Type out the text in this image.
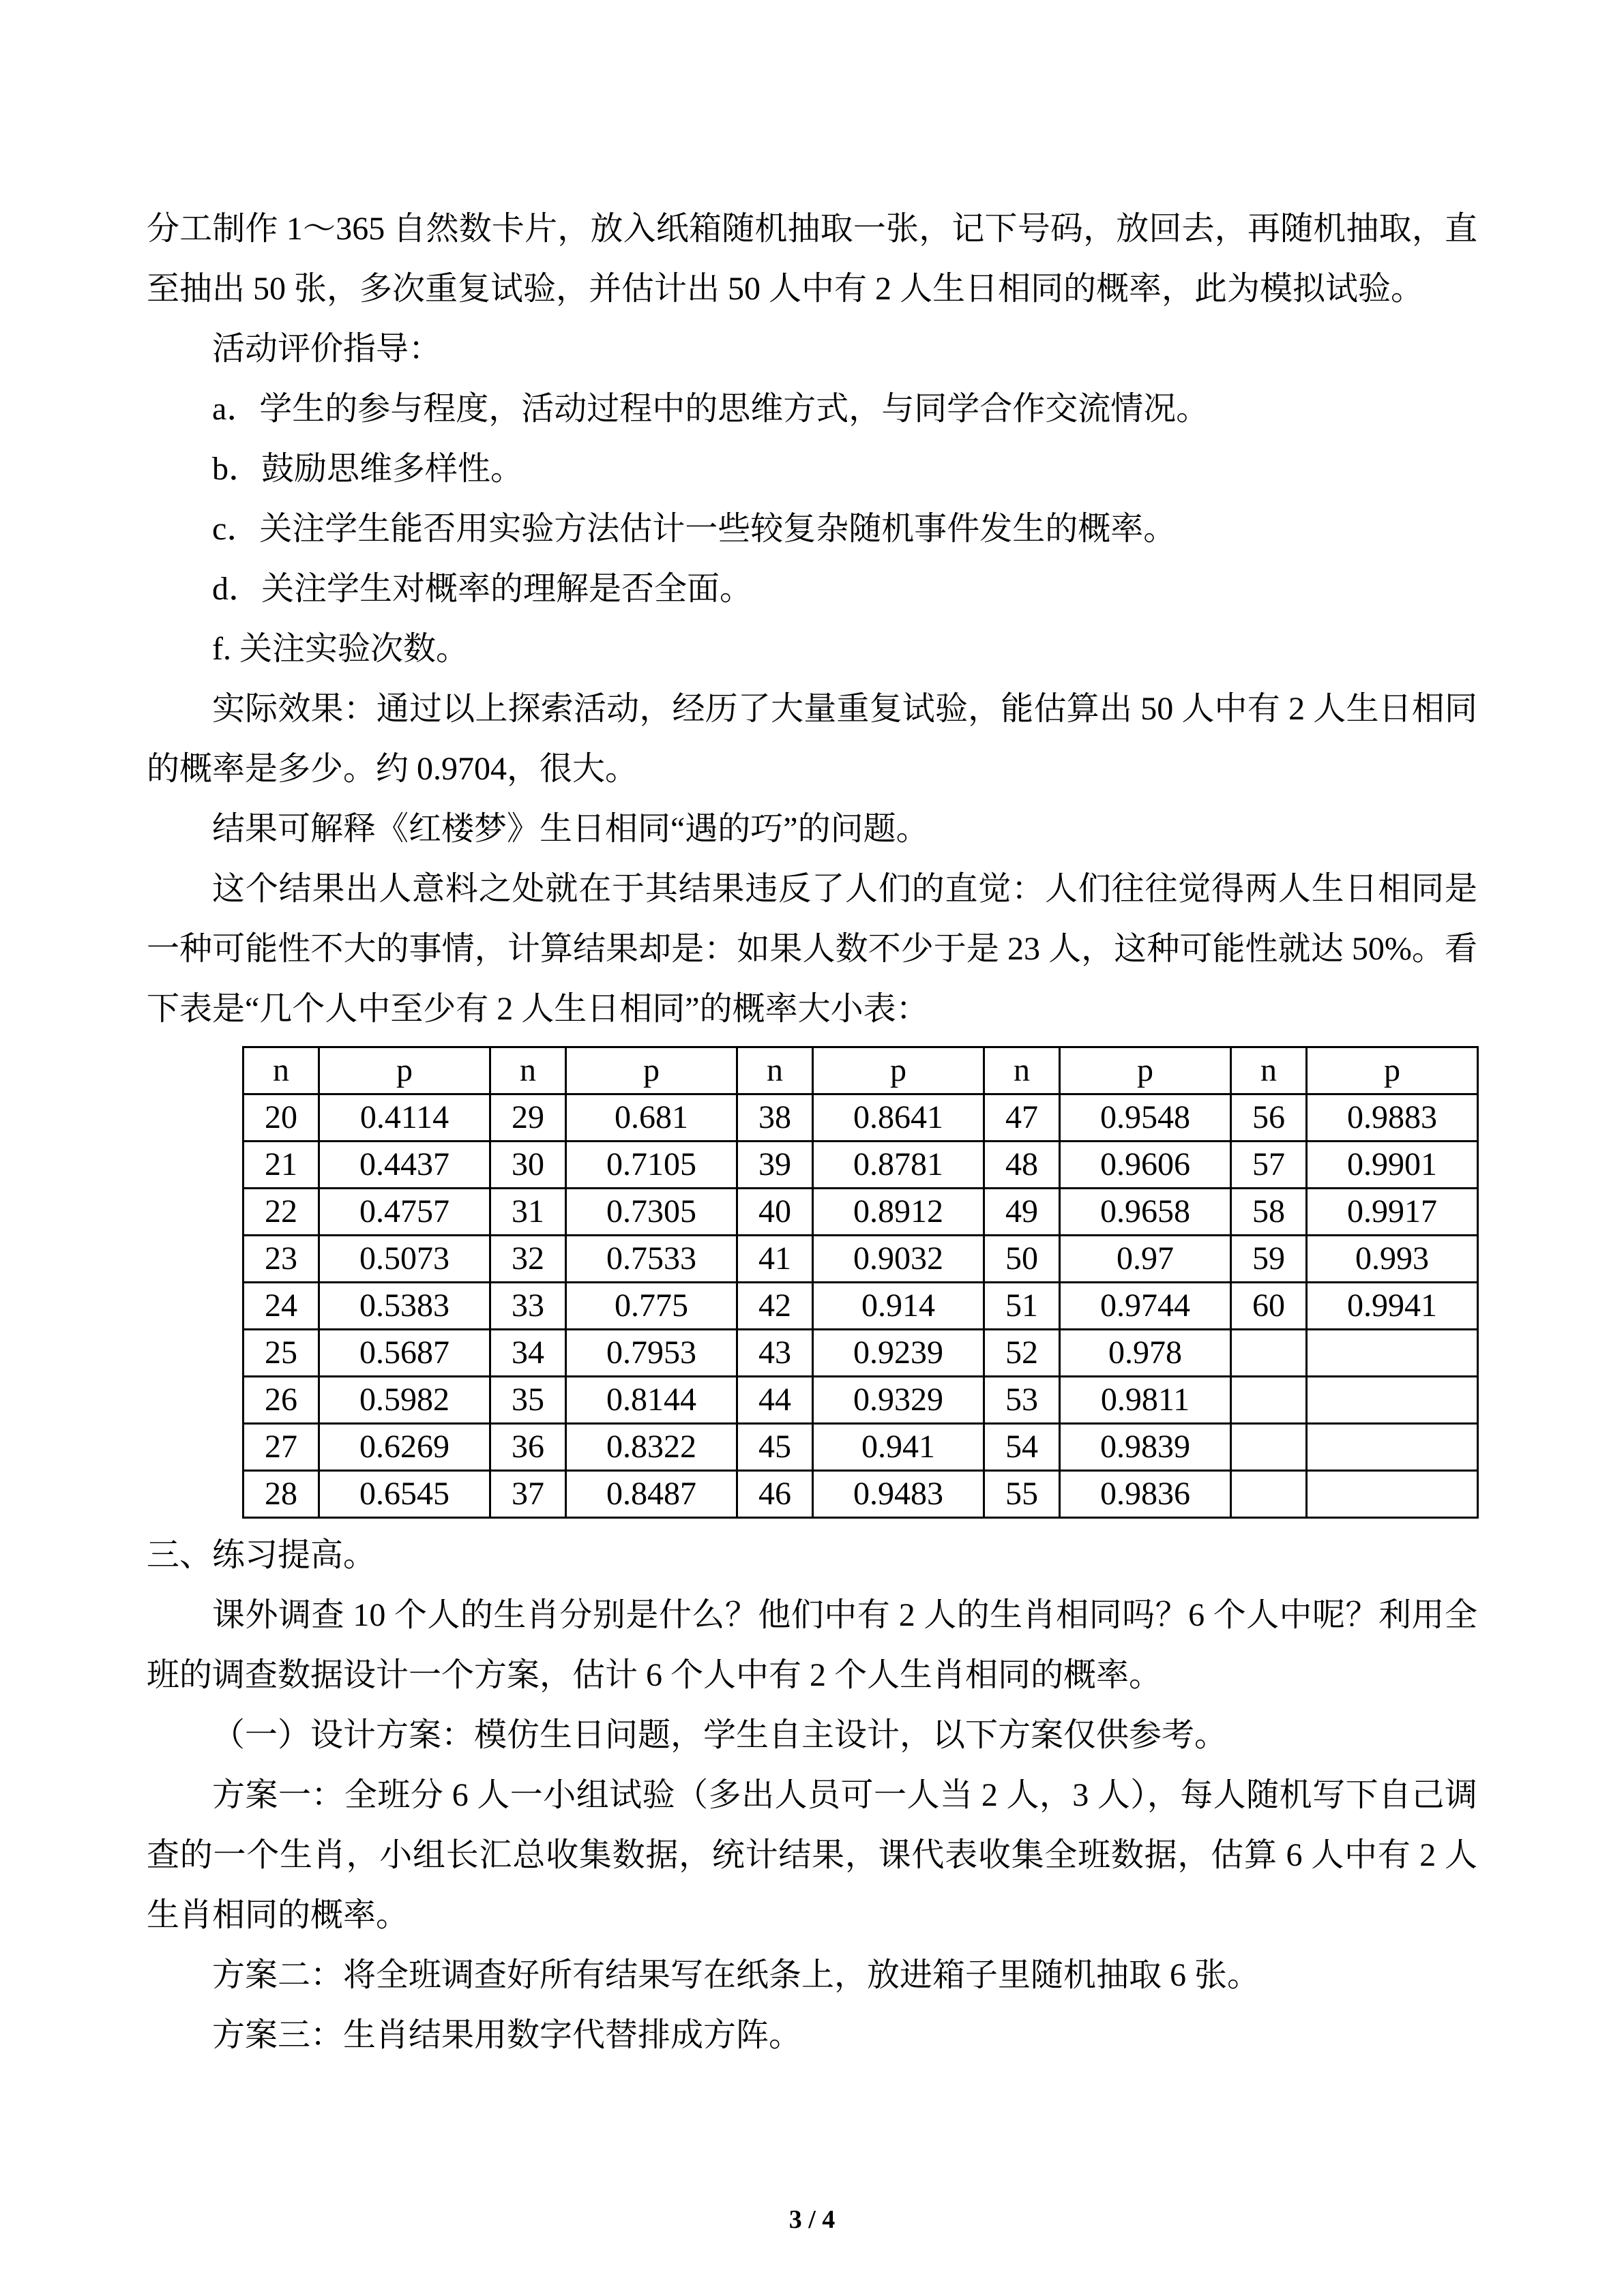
分工制作 1～365 自然数卡片，放入纸箱随机抽取一张，记下号码，放回去，再随机抽取，直至抽出 50 张，多次重复试验，并估计出 50 人中有 2 人生日相同的概率，此为模拟试验。

活动评价指导：

a．学生的参与程度，活动过程中的思维方式，与同学合作交流情况。

b．鼓励思维多样性。

c．关注学生能否用实验方法估计一些较复杂随机事件发生的概率。

d．关注学生对概率的理解是否全面。

f. 关注实验次数。

实际效果：通过以上探索活动，经历了大量重复试验，能估算出 50 人中有 2 人生日相同的概率是多少。约 0.9704，很大。

结果可解释《红楼梦》生日相同“遇的巧”的问题。

这个结果出人意料之处就在于其结果违反了人们的直觉：人们往往觉得两人生日相同是一种可能性不大的事情，计算结果却是：如果人数不少于是 23 人，这种可能性就达 50%。看下表是“几个人中至少有 2 人生日相同”的概率大小表：

n	p	n	p	n	p	n	p	n	p
20	0.4114	29	0.681	38	0.8641	47	0.9548	56	0.9883
21	0.4437	30	0.7105	39	0.8781	48	0.9606	57	0.9901
22	0.4757	31	0.7305	40	0.8912	49	0.9658	58	0.9917
23	0.5073	32	0.7533	41	0.9032	50	0.97	59	0.993
24	0.5383	33	0.775	42	0.914	51	0.9744	60	0.9941
25	0.5687	34	0.7953	43	0.9239	52	0.978		
26	0.5982	35	0.8144	44	0.9329	53	0.9811		
27	0.6269	36	0.8322	45	0.941	54	0.9839		
28	0.6545	37	0.8487	46	0.9483	55	0.9836		

三、练习提高。

课外调查 10 个人的生肖分别是什么？他们中有 2 人的生肖相同吗？6 个人中呢？利用全班的调查数据设计一个方案，估计 6 个人中有 2 个人生肖相同的概率。

（一）设计方案：模仿生日问题，学生自主设计，以下方案仅供参考。

方案一：全班分 6 人一小组试验（多出人员可一人当 2 人，3 人），每人随机写下自己调查的一个生肖，小组长汇总收集数据，统计结果，课代表收集全班数据，估算 6 人中有 2 人生肖相同的概率。

方案二：将全班调查好所有结果写在纸条上，放进箱子里随机抽取 6 张。

方案三：生肖结果用数字代替排成方阵。

3 / 4
